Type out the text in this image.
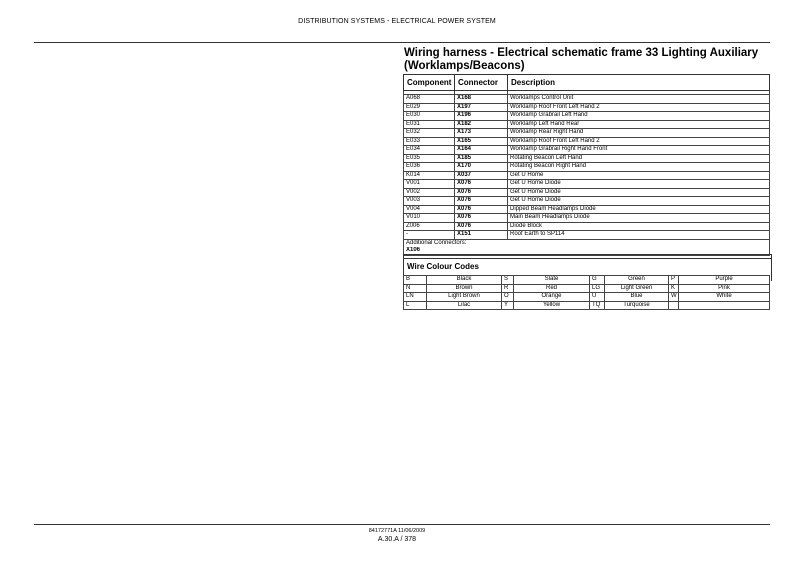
DISTRIBUTION SYSTEMS - ELECTRICAL POWER SYSTEM
Wiring harness - Electrical schematic frame 33 Lighting Auxiliary (Worklamps/Beacons)
Component	Connector	Description

A068	X168	Worklamps Control Unit
E029	X197	Worklamp Roof Front Left Hand 2
E030	X196	Worklamp Grabrail Left Hand
E031	X182	Worklamp Left Hand Rear
E032	X173	Worklamp Rear Right Hand
E033	X165	Worklamp Roof Front Left Hand 2
E034	X164	Worklamp Grabrail Right Hand Front
E035	X185	Rotating Beacon Left Hand
E036	X170	Rotating Beacon Right Hand
K014	X037	Get U Home
V001	X076	Get U Home Diode
V002	X076	Get U Home Diode
V003	X076	Get U Home Diode
V004	X076	Dipped Beam Headlamps Diode
V010	X076	Main Beam Headlamps Diode
Z006	X076	Diode Block
-	X151	Roof Earth to SP114
Additional Connectors:		
X106		
Wire Colour Codes
B	Black	S	Slate	G	Green	P	Purple
N	Brown	R	Red	LG	Light Green	K	Pink
LN	Light Brown	O	Orange	U	Blue	W	White
L	Lilac	Y	Yellow	TQ	Turquoise		
84172771A 11/06/2009
A.30.A / 378
